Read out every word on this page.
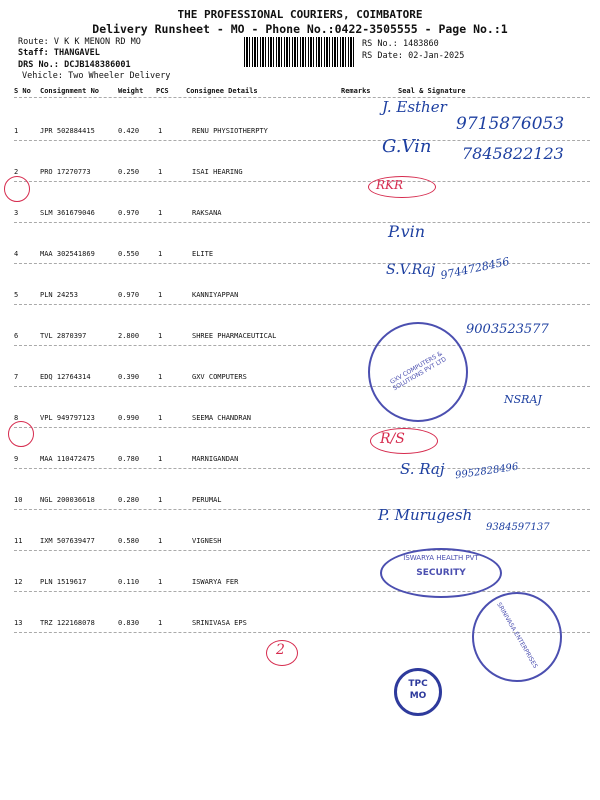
THE PROFESSIONAL COURIERS, COIMBATORE
Delivery Runsheet - MO - Phone No.:0422-3505555 - Page No.:1
Route: V K K MENON RD MO
Staff: THANGAVEL
DRS No.: DCJB148386001
Vehicle: Two Wheeler Delivery
RS No.: 1483860
RS Date: 02-Jan-2025
S No Consignment No	Weight PCS Consignee Details	Remarks	Seal & Signature
1	JPR 502884415	0.420	1	RENU PHYSIOTHERPTY
2	PRO 17270773	0.250	1	ISAI HEARING
3	SLM 361679046	0.970	1	RAKSANA
4	MAA 302541869	0.550	1	ELITE
5	PLN 24253	0.970	1	KANNIYAPPAN
6	TVL 2870397	2.800	1	SHREE PHARMACEUTICAL
7	EDQ 12764314	0.390	1	GXV COMPUTERS
8	VPL 949797123	0.990	1	SEEMA CHANDRAN
9	MAA 110472475	0.780	1	MARNIGANDAN
10	NGL 200036618	0.280	1	PERUMAL
11	IXM 507639477	0.580	1	VIGNESH
12	PLN 1519617	0.110	1	ISWARYA FER
13	TRZ 122168078	0.830	1	SRINIVASA EPS
J. Esther
9715876053
G.Vin 7845822123
RKR
P.vin
S.V.Raj 9744728456
9003523577
NSRAJ
R/S
S. Raj 9952828496
P. Murugesh
9384597137
2
GXV COMPUTERS & SOLUTIONS PVT LTD
ISWARYA HEALTH PVT
SECURITY
SRINIVASA ENTERPRISES
TPC
MO
